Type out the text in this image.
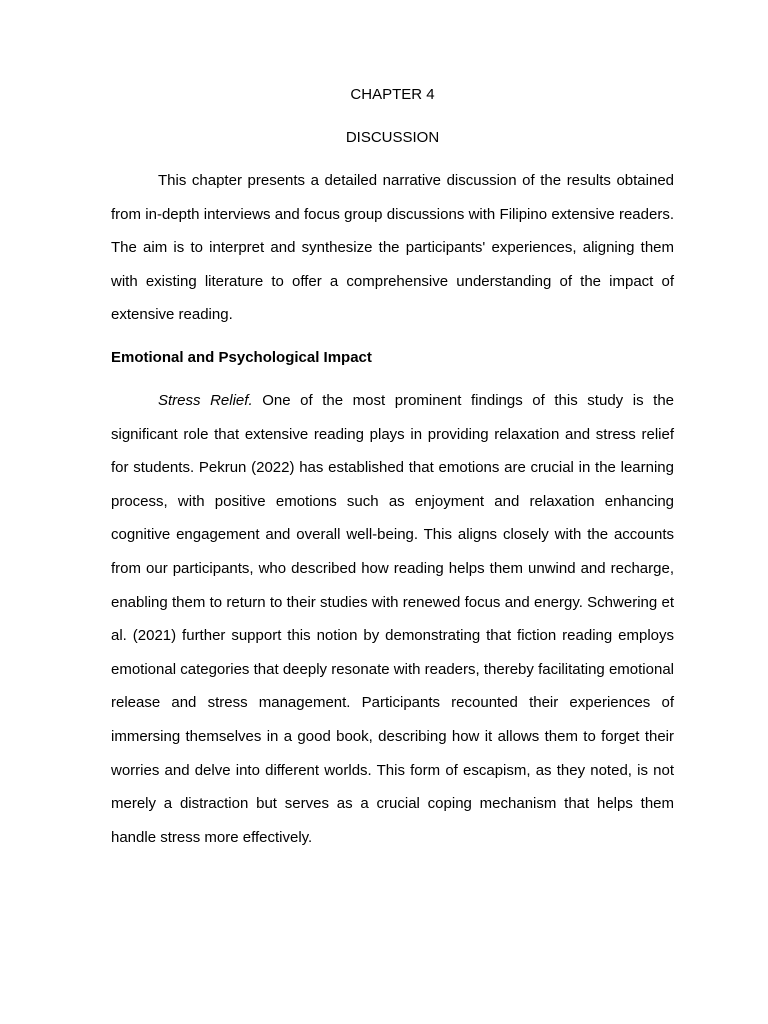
CHAPTER 4
DISCUSSION

This chapter presents a detailed narrative discussion of the results obtained from in-depth interviews and focus group discussions with Filipino extensive readers. The aim is to interpret and synthesize the participants' experiences, aligning them with existing literature to offer a comprehensive understanding of the impact of extensive reading.

Emotional and Psychological Impact

Stress Relief. One of the most prominent findings of this study is the significant role that extensive reading plays in providing relaxation and stress relief for students. Pekrun (2022) has established that emotions are crucial in the learning process, with positive emotions such as enjoyment and relaxation enhancing cognitive engagement and overall well-being. This aligns closely with the accounts from our participants, who described how reading helps them unwind and recharge, enabling them to return to their studies with renewed focus and energy. Schwering et al. (2021) further support this notion by demonstrating that fiction reading employs emotional categories that deeply resonate with readers, thereby facilitating emotional release and stress management. Participants recounted their experiences of immersing themselves in a good book, describing how it allows them to forget their worries and delve into different worlds. This form of escapism, as they noted, is not merely a distraction but serves as a crucial coping mechanism that helps them handle stress more effectively.
